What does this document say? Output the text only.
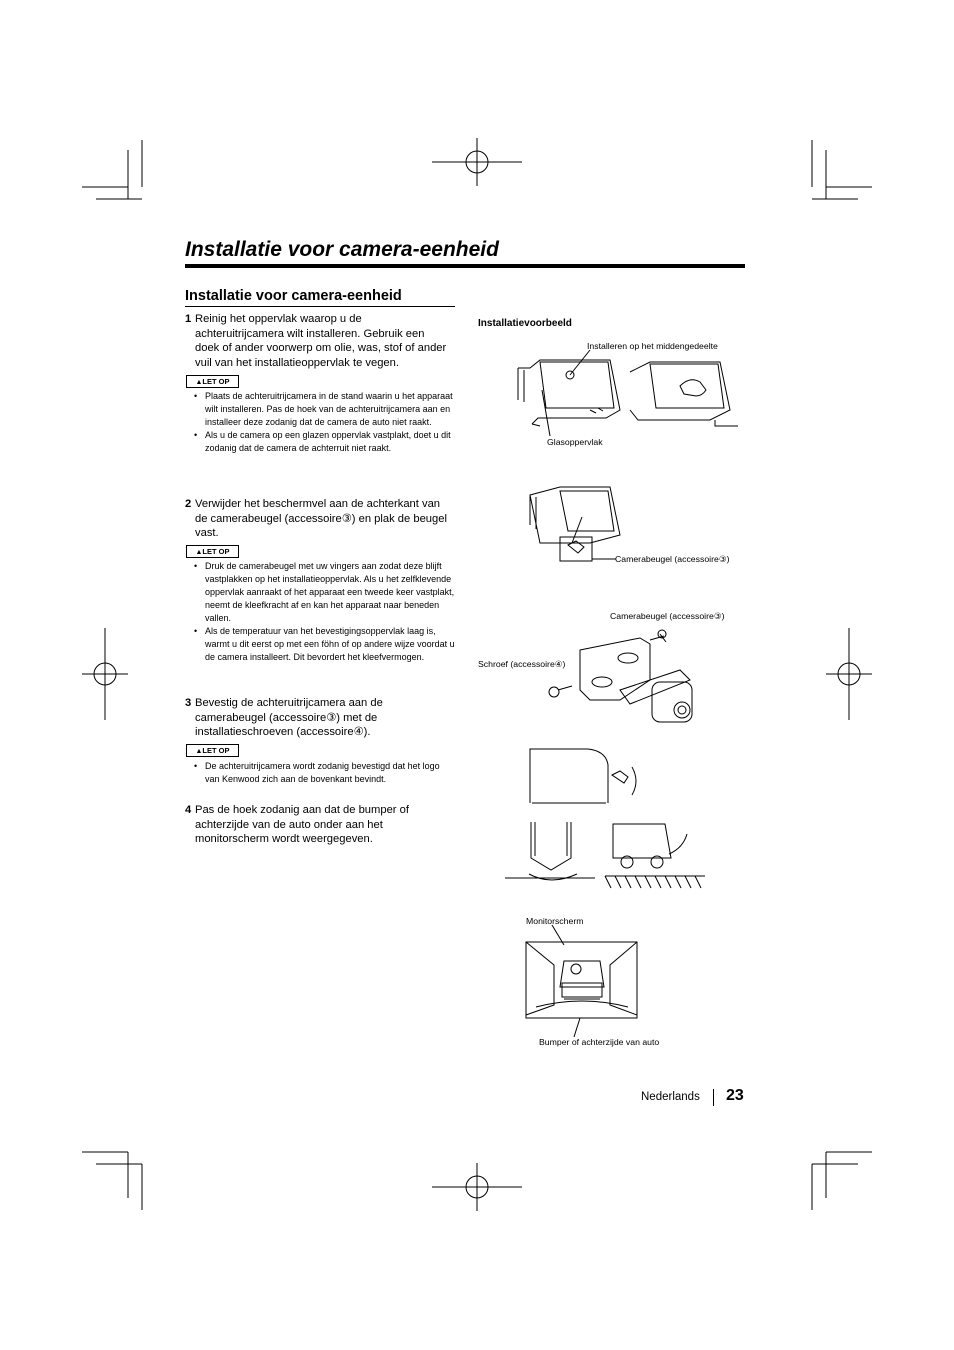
Installatie voor camera-eenheid
Installatie voor camera-eenheid
1 Reinig het oppervlak waarop u de achteruitrijcamera wilt installeren. Gebruik een doek of ander voorwerp om olie, was, stof of ander vuil van het installatieoppervlak te vegen.
▲LET OP
• Plaats de achteruitrijcamera in de stand waarin u het apparaat wilt installeren. Pas de hoek van de achteruitrijcamera aan en installeer deze zodanig dat de camera de auto niet raakt.
• Als u de camera op een glazen oppervlak vastplakt, doet u dit zodanig dat de camera de achterruit niet raakt.
2 Verwijder het beschermvel aan de achterkant van de camerabeugel (accessoire③) en plak de beugel vast.
▲LET OP
• Druk de camerabeugel met uw vingers aan zodat deze blijft vastplakken op het installatieoppervlak. Als u het zelfklevende oppervlak aanraakt of het apparaat een tweede keer vastplakt, neemt de kleefkracht af en kan het apparaat naar beneden vallen.
• Als de temperatuur van het bevestigingsoppervlak laag is, warmt u dit eerst op met een föhn of op andere wijze voordat u de camera installeert. Dit bevordert het kleefvermogen.
3 Bevestig de achteruitrijcamera aan de camerabeugel (accessoire③) met de installatieschroeven (accessoire④).
▲LET OP
• De achteruitrijcamera wordt zodanig bevestigd dat het logo van Kenwood zich aan de bovenkant bevindt.
4 Pas de hoek zodanig aan dat de bumper of achterzijde van de auto onder aan het monitorscherm wordt weergegeven.
Installatievoorbeeld
Installeren op het middengedeelte
Glasoppervlak
Camerabeugel (accessoire③)
Camerabeugel (accessoire③)
Schroef (accessoire④)
Monitorscherm
Bumper of achterzijde van auto
Nederlands 23
